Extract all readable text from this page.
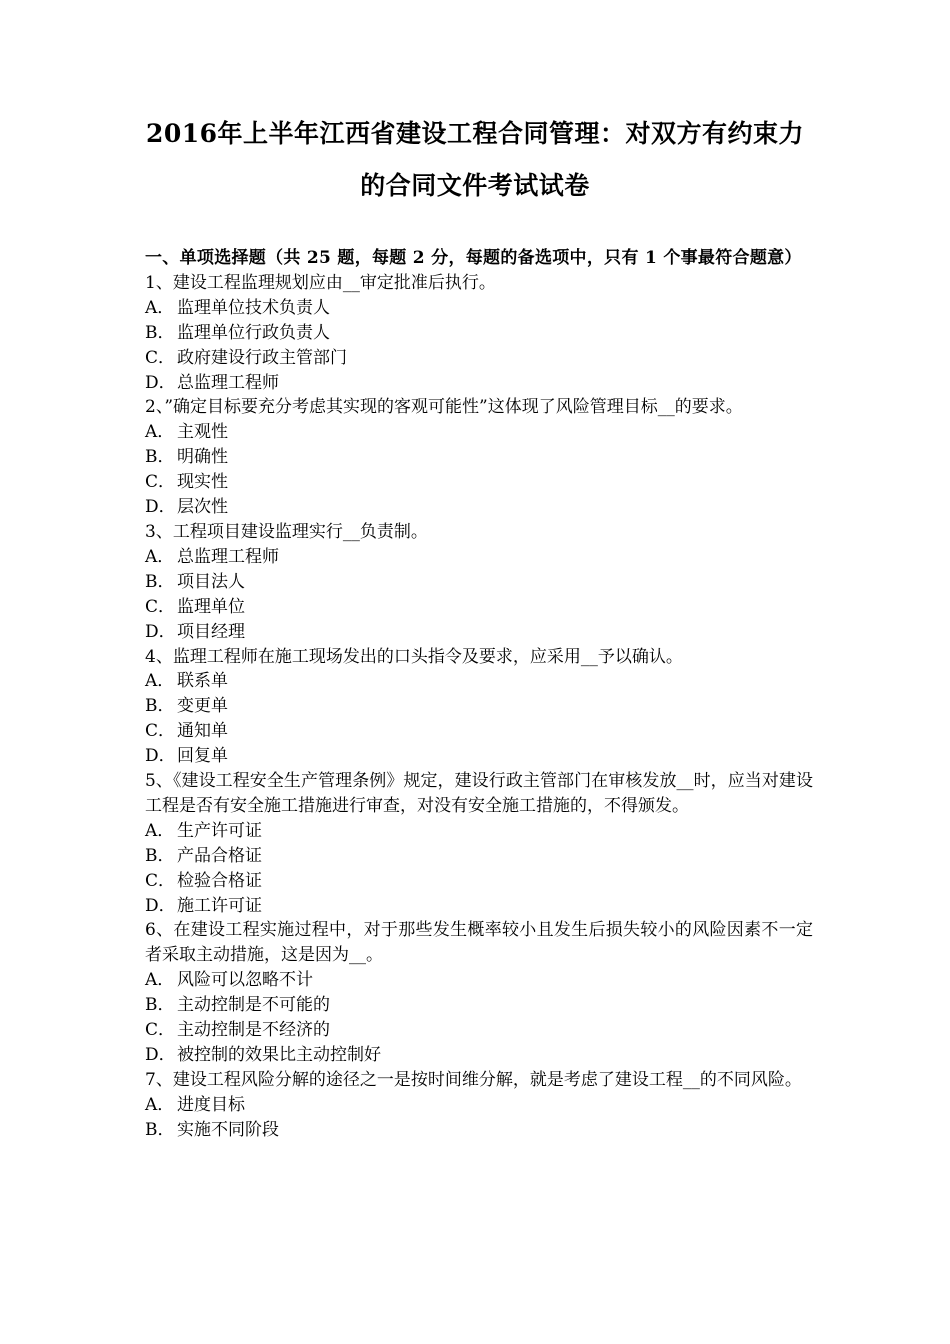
2016年上半年江西省建设工程合同管理：对双方有约束力
的合同文件考试试卷

一、单项选择题（共 25 题，每题 2 分，每题的备选项中，只有 1 个事最符合题意）

1、建设工程监理规划应由__审定批准后执行。

A． 监理单位技术负责人

B． 监理单位行政负责人

C． 政府建设行政主管部门

D．总监理工程师

2、”确定目标要充分考虑其实现的客观可能性”这体现了风险管理目标__的要求。

A． 主观性

B． 明确性

C． 现实性

D．层次性

3、工程项目建设监理实行__负责制。

A． 总监理工程师

B． 项目法人

C． 监理单位

D．项目经理

4、监理工程师在施工现场发出的口头指令及要求，应采用__予以确认。

A． 联系单

B． 变更单

C． 通知单

D．回复单

5、《建设工程安全生产管理条例》规定，建设行政主管部门在审核发放__时，应当对建设工程是否有安全施工措施进行审查，对没有安全施工措施的，不得颁发。

A． 生产许可证

B． 产品合格证

C． 检验合格证

D．施工许可证

6、在建设工程实施过程中，对于那些发生概率较小且发生后损失较小的风险因素不一定者采取主动措施，这是因为__。

A． 风险可以忽略不计

B． 主动控制是不可能的

C． 主动控制是不经济的

D．被控制的效果比主动控制好

7、建设工程风险分解的途径之一是按时间维分解，就是考虑了建设工程__的不同风险。

A． 进度目标

B． 实施不同阶段
